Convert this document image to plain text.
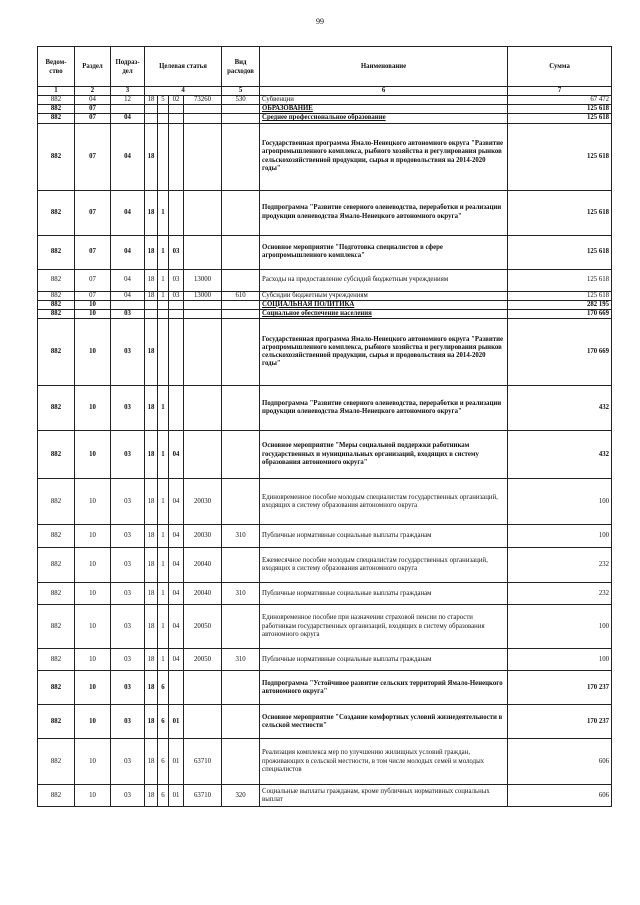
99
Ведом-ство	Раздел	Подраз-дел	Целевая статья				Вид расходов	Наименование	Сумма
1	2	3	4				5	6	7
882	04	12	18	5	02	73260	530	Субвенции	67 472
882	07							ОБРАЗОВАНИЕ	125 618
882	07	04						Среднее профессиональное образование	125 618
882	07	04	18					Государственная программа Ямало-Ненецкого автономного округа "Развитие агропромышленного комплекса, рыбного хозяйства и регулирования рынков сельскохозяйственной продукции, сырья и продовольствия на 2014-2020 годы"	125 618
882	07	04	18	1				Подпрограмма "Развитие северного оленеводства, переработки и реализации продукции оленеводства Ямало-Ненецкого автономного округа"	125 618
882	07	04	18	1	03			Основное мероприятие "Подготовка специалистов в сфере агропромышленного комплекса"	125 618
882	07	04	18	1	03	13000		Расходы на предоставление субсидий бюджетным учреждениям	125 618
882	07	04	18	1	03	13000	610	Субсидии бюджетным учреждениям	125 618
882	10							СОЦИАЛЬНАЯ ПОЛИТИКА	282 195
882	10	03						Социальное обеспечение населения	170 669
882	10	03	18					Государственная программа Ямало-Ненецкого автономного округа "Развитие агропромышленного комплекса, рыбного хозяйства и регулирования рынков сельскохозяйственной продукции, сырья и продовольствия на 2014-2020 годы"	170 669
882	10	03	18	1				Подпрограмма "Развитие северного оленеводства, переработки и реализации продукции оленеводства Ямало-Ненецкого автономного округа"	432
882	10	03	18	1	04			Основное мероприятие "Меры социальной поддержки работникам государственных и муниципальных организаций, входящих в систему образования автономного округа"	432
882	10	03	18	1	04	20030		Единовременное пособие молодым специалистам государственных организаций, входящих в систему образования автономного округа	100
882	10	03	18	1	04	20030	310	Публичные нормативные социальные выплаты гражданам	100
882	10	03	18	1	04	20040		Ежемесячное пособие молодым специалистам государственных организаций, входящих в систему образования автономного округа	232
882	10	03	18	1	04	20040	310	Публичные нормативные социальные выплаты гражданам	232
882	10	03	18	1	04	20050		Единовременное пособие при назначении страховой пенсии по старости работникам государственных организаций, входящих в систему образования автономного округа	100
882	10	03	18	1	04	20050	310	Публичные нормативные социальные выплаты гражданам	100
882	10	03	18	6				Подпрограмма "Устойчивое развитие сельских территорий Ямало-Ненецкого автономного округа"	170 237
882	10	03	18	6	01			Основное мероприятие "Создание комфортных условий жизнедеятельности в сельской местности"	170 237
882	10	03	18	6	01	63710		Реализация комплекса мер по улучшению жилищных условий граждан, проживающих в сельской местности, в том числе молодых семей и молодых специалистов	606
882	10	03	18	6	01	63710	320	Социальные выплаты гражданам, кроме публичных нормативных социальных выплат	606
